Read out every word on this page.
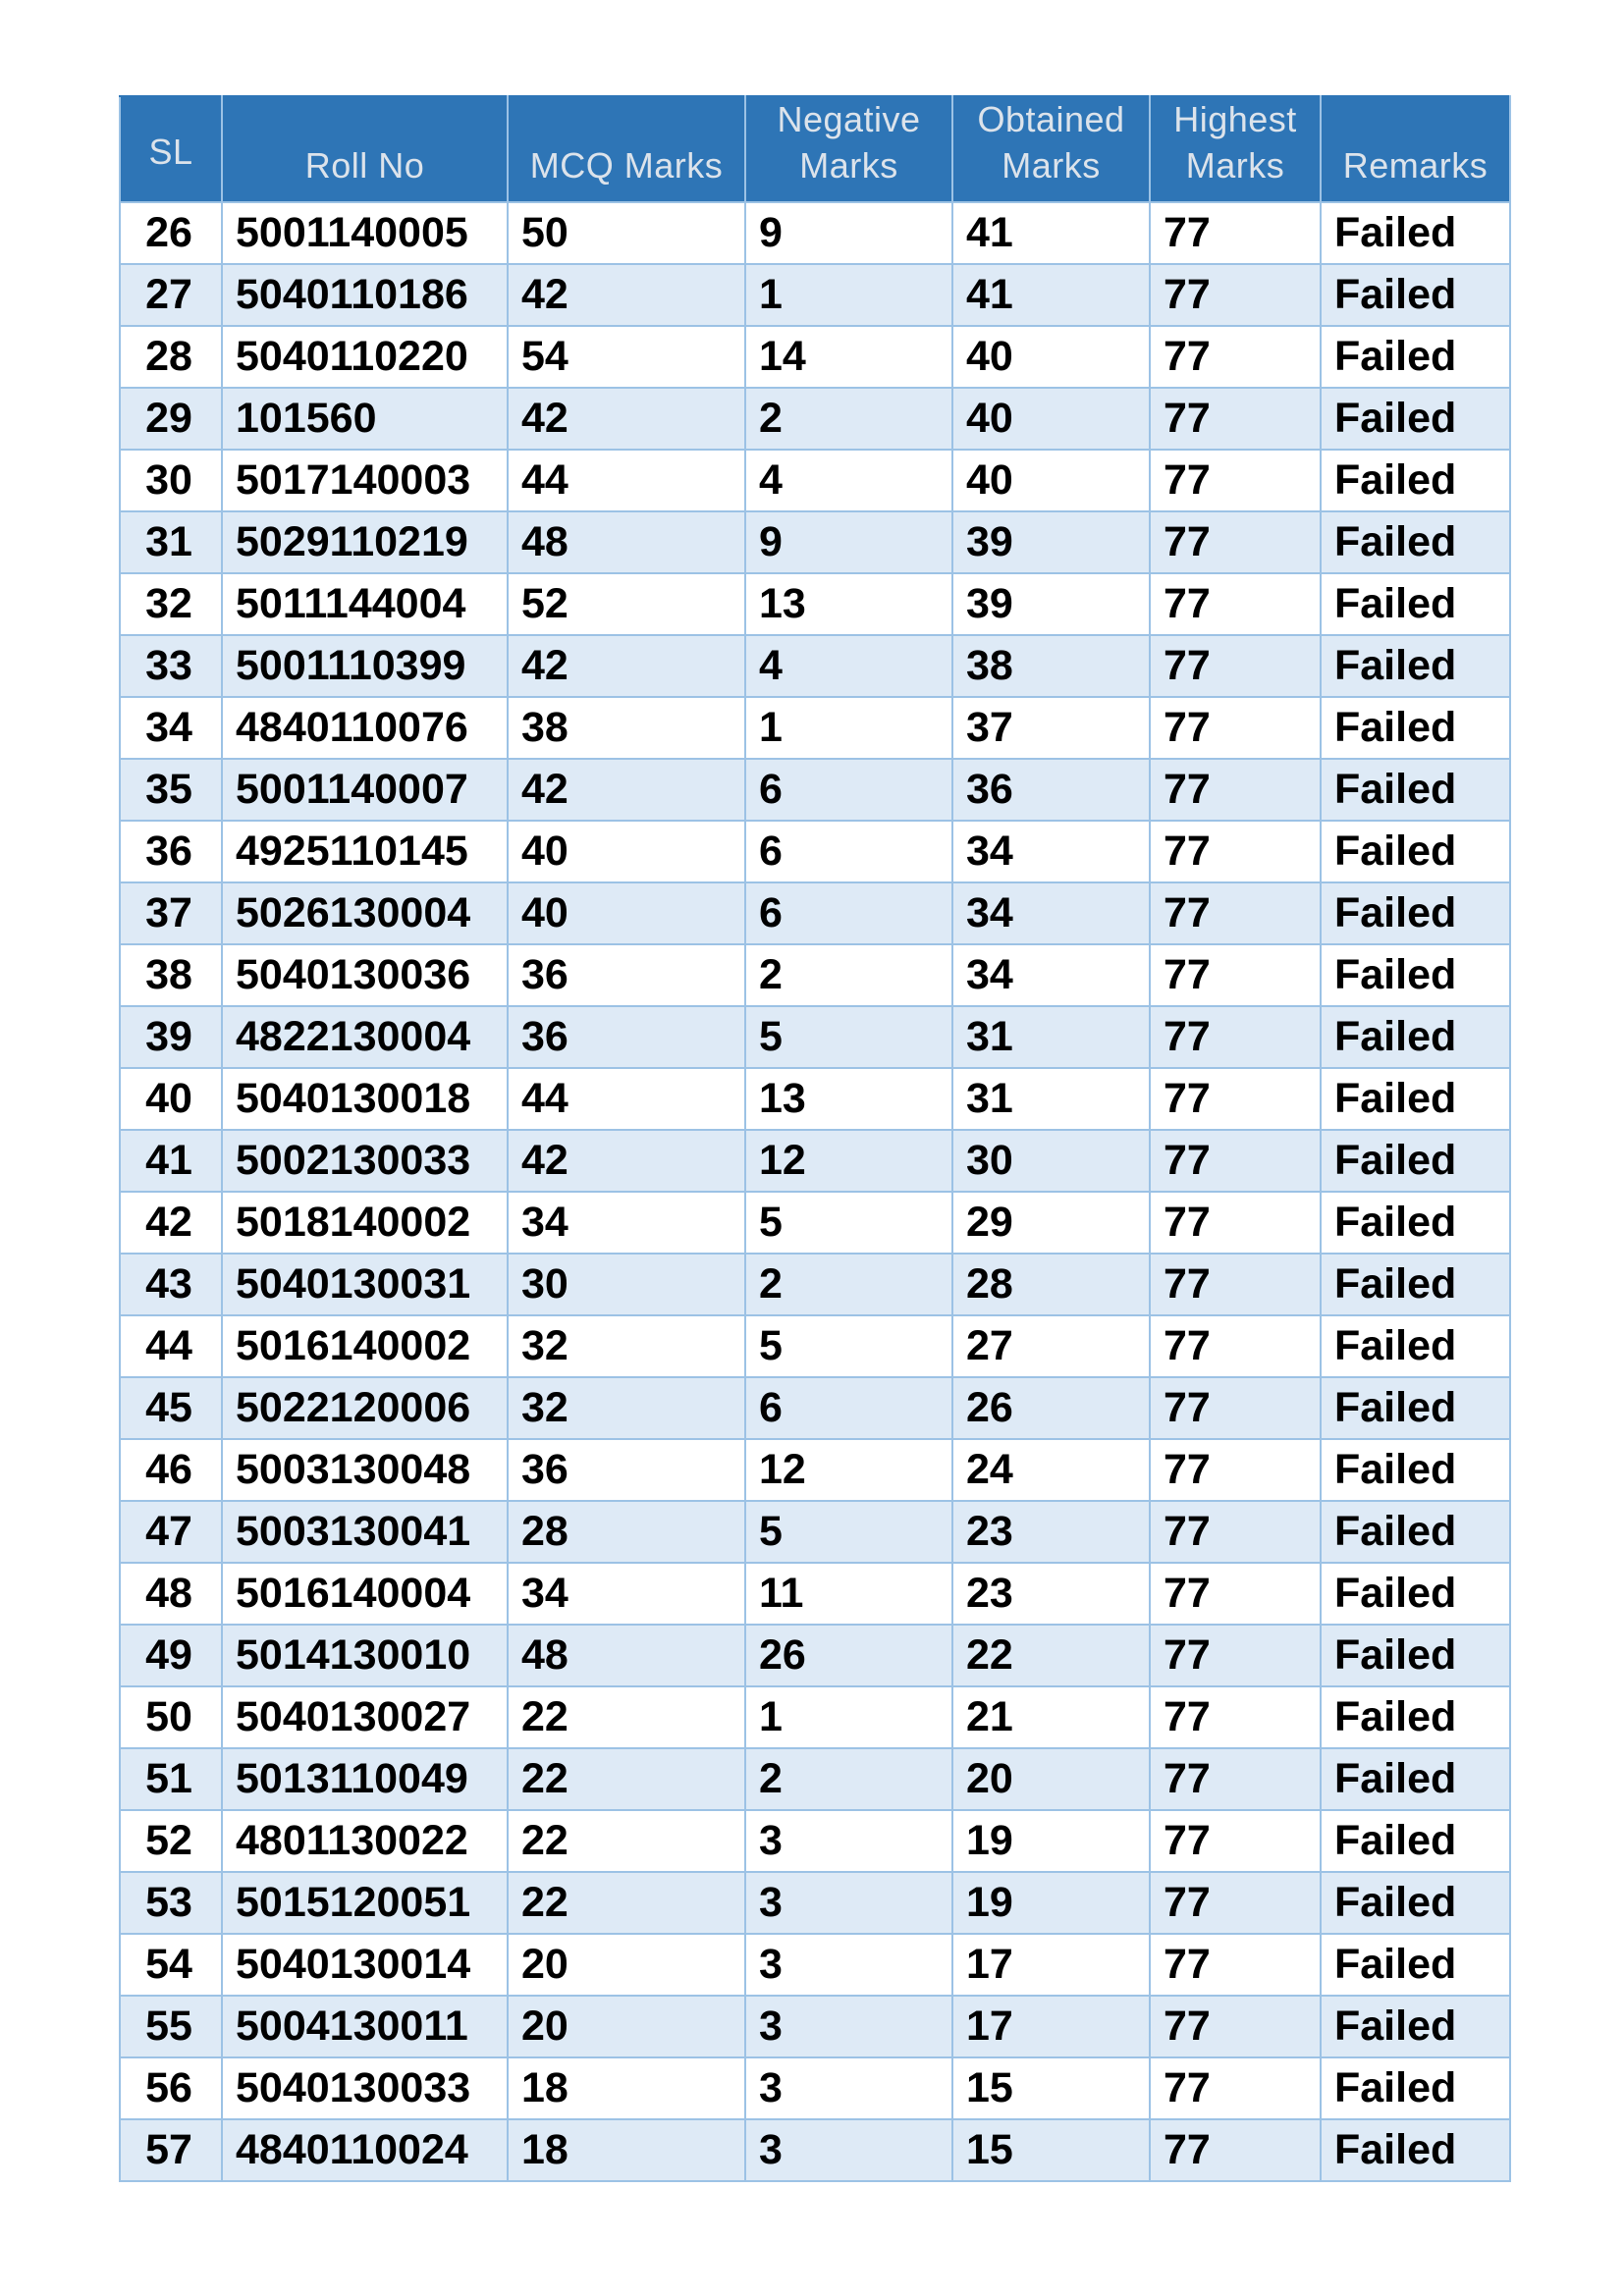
SL	Roll No	MCQ Marks	Negative Marks	Obtained Marks	Highest Marks	Remarks
26	5001140005	50	9	41	77	Failed
27	5040110186	42	1	41	77	Failed
28	5040110220	54	14	40	77	Failed
29	101560	42	2	40	77	Failed
30	5017140003	44	4	40	77	Failed
31	5029110219	48	9	39	77	Failed
32	5011144004	52	13	39	77	Failed
33	5001110399	42	4	38	77	Failed
34	4840110076	38	1	37	77	Failed
35	5001140007	42	6	36	77	Failed
36	4925110145	40	6	34	77	Failed
37	5026130004	40	6	34	77	Failed
38	5040130036	36	2	34	77	Failed
39	4822130004	36	5	31	77	Failed
40	5040130018	44	13	31	77	Failed
41	5002130033	42	12	30	77	Failed
42	5018140002	34	5	29	77	Failed
43	5040130031	30	2	28	77	Failed
44	5016140002	32	5	27	77	Failed
45	5022120006	32	6	26	77	Failed
46	5003130048	36	12	24	77	Failed
47	5003130041	28	5	23	77	Failed
48	5016140004	34	11	23	77	Failed
49	5014130010	48	26	22	77	Failed
50	5040130027	22	1	21	77	Failed
51	5013110049	22	2	20	77	Failed
52	4801130022	22	3	19	77	Failed
53	5015120051	22	3	19	77	Failed
54	5040130014	20	3	17	77	Failed
55	5004130011	20	3	17	77	Failed
56	5040130033	18	3	15	77	Failed
57	4840110024	18	3	15	77	Failed
